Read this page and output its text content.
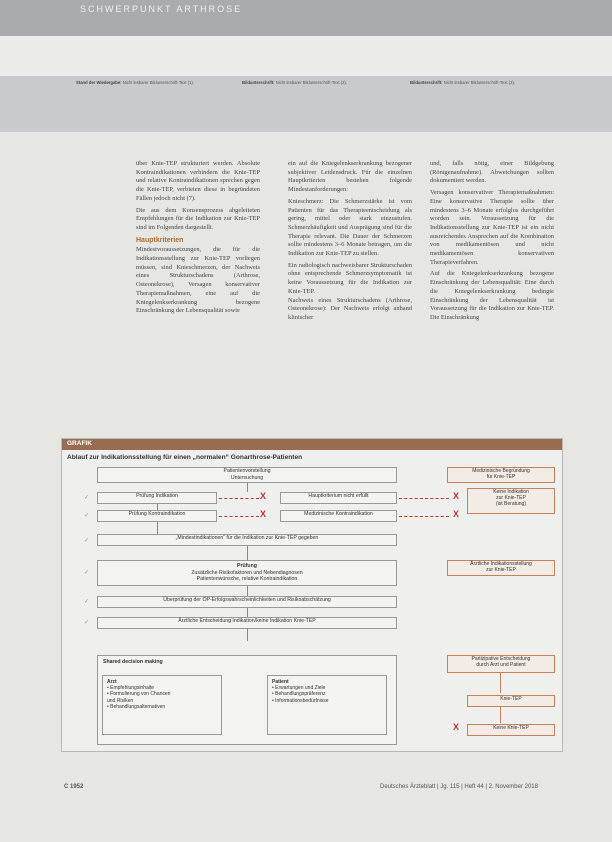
SCHWERPUNKT ARTHROSE
Stand der Wiedergabe: Nicht lesbarer Bildunterschrift-Text (1).	Bildunterschrift: Nicht lesbarer Bildunterschrift-Text (2).	Bildunterschrift: Nicht lesbarer Bildunterschrift-Text (3).

über Knie-TEP strukturiert werden. Absolute Kontraindikationen verhindern die Knie-TEP und relative Kontraindikationen sprechen gegen die Knie-TEP, verbieten diese in begründeten Fällen jedoch nicht (7).

Die aus dem Konsensprozess abgeleiteten Empfehlungen für die Indikation zur Knie-TEP sind im Folgenden dargestellt.

Hauptkriterien

Mindestvoraussetzungen, die für die Indikationsstellung zur Knie-TEP vorliegen müssen, sind Knieschmerzen, der Nachweis eines Strukturschadens (Arthrose, Osteonekrose), Versagen konservativer Therapiemaßnahmen, eine auf die Kniegelenkserkrankung bezogene Einschränkung der Lebensqualität sowie

ein auf die Kniegelenkserkrankung bezogener subjektiver Leidensdruck. Für die einzelnen Hauptkriterien bestehen folgende Mindestanforderungen:

Knieschmerz: Die Schmerzstärke ist vom Patienten für das Therapieentscheidung als gering, mittel oder stark einzustufen. Schmerzhäufigkeit und Ausprägung sind für die Therapie relevant. Die Dauer der Schmerzen sollte mindestens 3–6 Monate betragen, um die Indikation zur Knie-TEP zu stellen.

Ein radiologisch nachweisbarer Strukturschaden ohne entsprechende Schmerzsymptomatik ist keine Voraussetzung für die Indikation zur Knie-TEP.

Nachweis eines Strukturschadens (Arthrose, Osteonekrose): Der Nachweis erfolgt anhand klinischer

und, falls nötig, einer Bildgebung (Röntgenaufnahme). Abweichungen sollten dokumentiert werden.

Versagen konservativer Therapiemaßnahmen: Eine konservative Therapie sollte über mindestens 3–6 Monate erfolglos durchgeführt worden sein. Voraussetzung für die Indikationsstellung zur Knie-TEP ist ein nicht ausreichendes Ansprechen auf die Kombination von medikamentösen und nicht medikamentösen konservativen Therapieverfahren.

Auf die Kniegelenkserkrankung bezogene Einschränkung der Lebensqualität: Eine durch die Kniegelenkserkrankung bedingte Einschränkung der Lebensqualität ist Voraussetzung für die Indikation zur Knie-TEP. Die Einschränkung

GRAFIK
Ablauf zur Indikationsstellung für einen „normalen“ Gonarthrose-Patienten
Patientenvorstellung
Untersuchung
Medizinische Begründung
für Knie-TEP
✓	Prüfung Indikation	X	Hauptkriterium nicht erfüllt	X	Keine Indikation
zur Knie-TEP
(ist Beratung)
✓	Prüfung Kontraindikation	X	Medizinische Kontraindikation	X
✓	„Mindestindikationen“ für die Indikation zur Knie-TEP gegeben
✓
Prüfung
Zusätzliche Risikofaktoren und Nebendiagnosen
Patientenwünsche, relative Kontraindikation
Ärztliche Indikationsstellung
zur Knie-TEP
✓	Überprüfung der OP-Erfolgswahrscheinlichkeiten und Risikoabschätzung
✓	Ärztliche Entscheidung Indikation/keine Indikation Knie-TEP
Shared decision making
Arzt
• Empfehlungsinhalte
• Formulierung von Chancen
und Risiken
• Behandlungsalternativen
Patient
• Erwartungen und Ziele
• Behandlungspräferenz
• Informationsbedürfnisse
Partizipative Entscheidung
durch Arzt und Patient
Knie-TEP
X	Keine Knie-TEP
C 1952	Deutsches Ärzteblatt | Jg. 115 | Heft 44 | 2. November 2018
